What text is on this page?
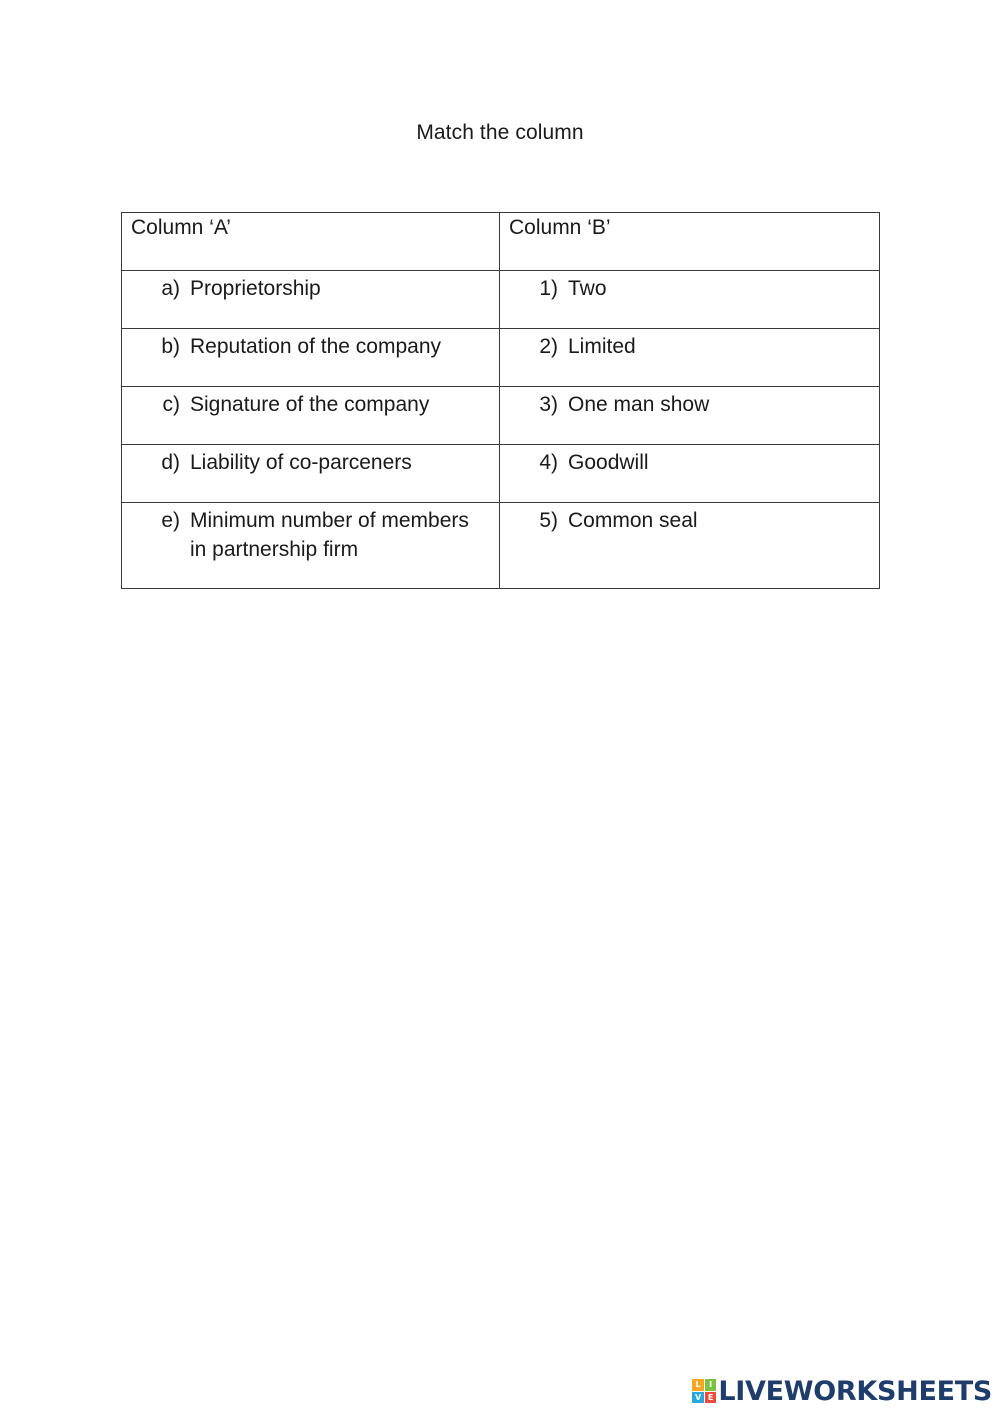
Match the column
Column ‘A’	Column ‘B’

a) Proprietorship	1) Two

b) Reputation of the company	2) Limited

c) Signature of the company	3) One man show

d) Liability of co-parceners	4) Goodwill

e) Minimum number of members in partnership firm	5) Common seal
L	I
V E LIVEWORKSHEETS
